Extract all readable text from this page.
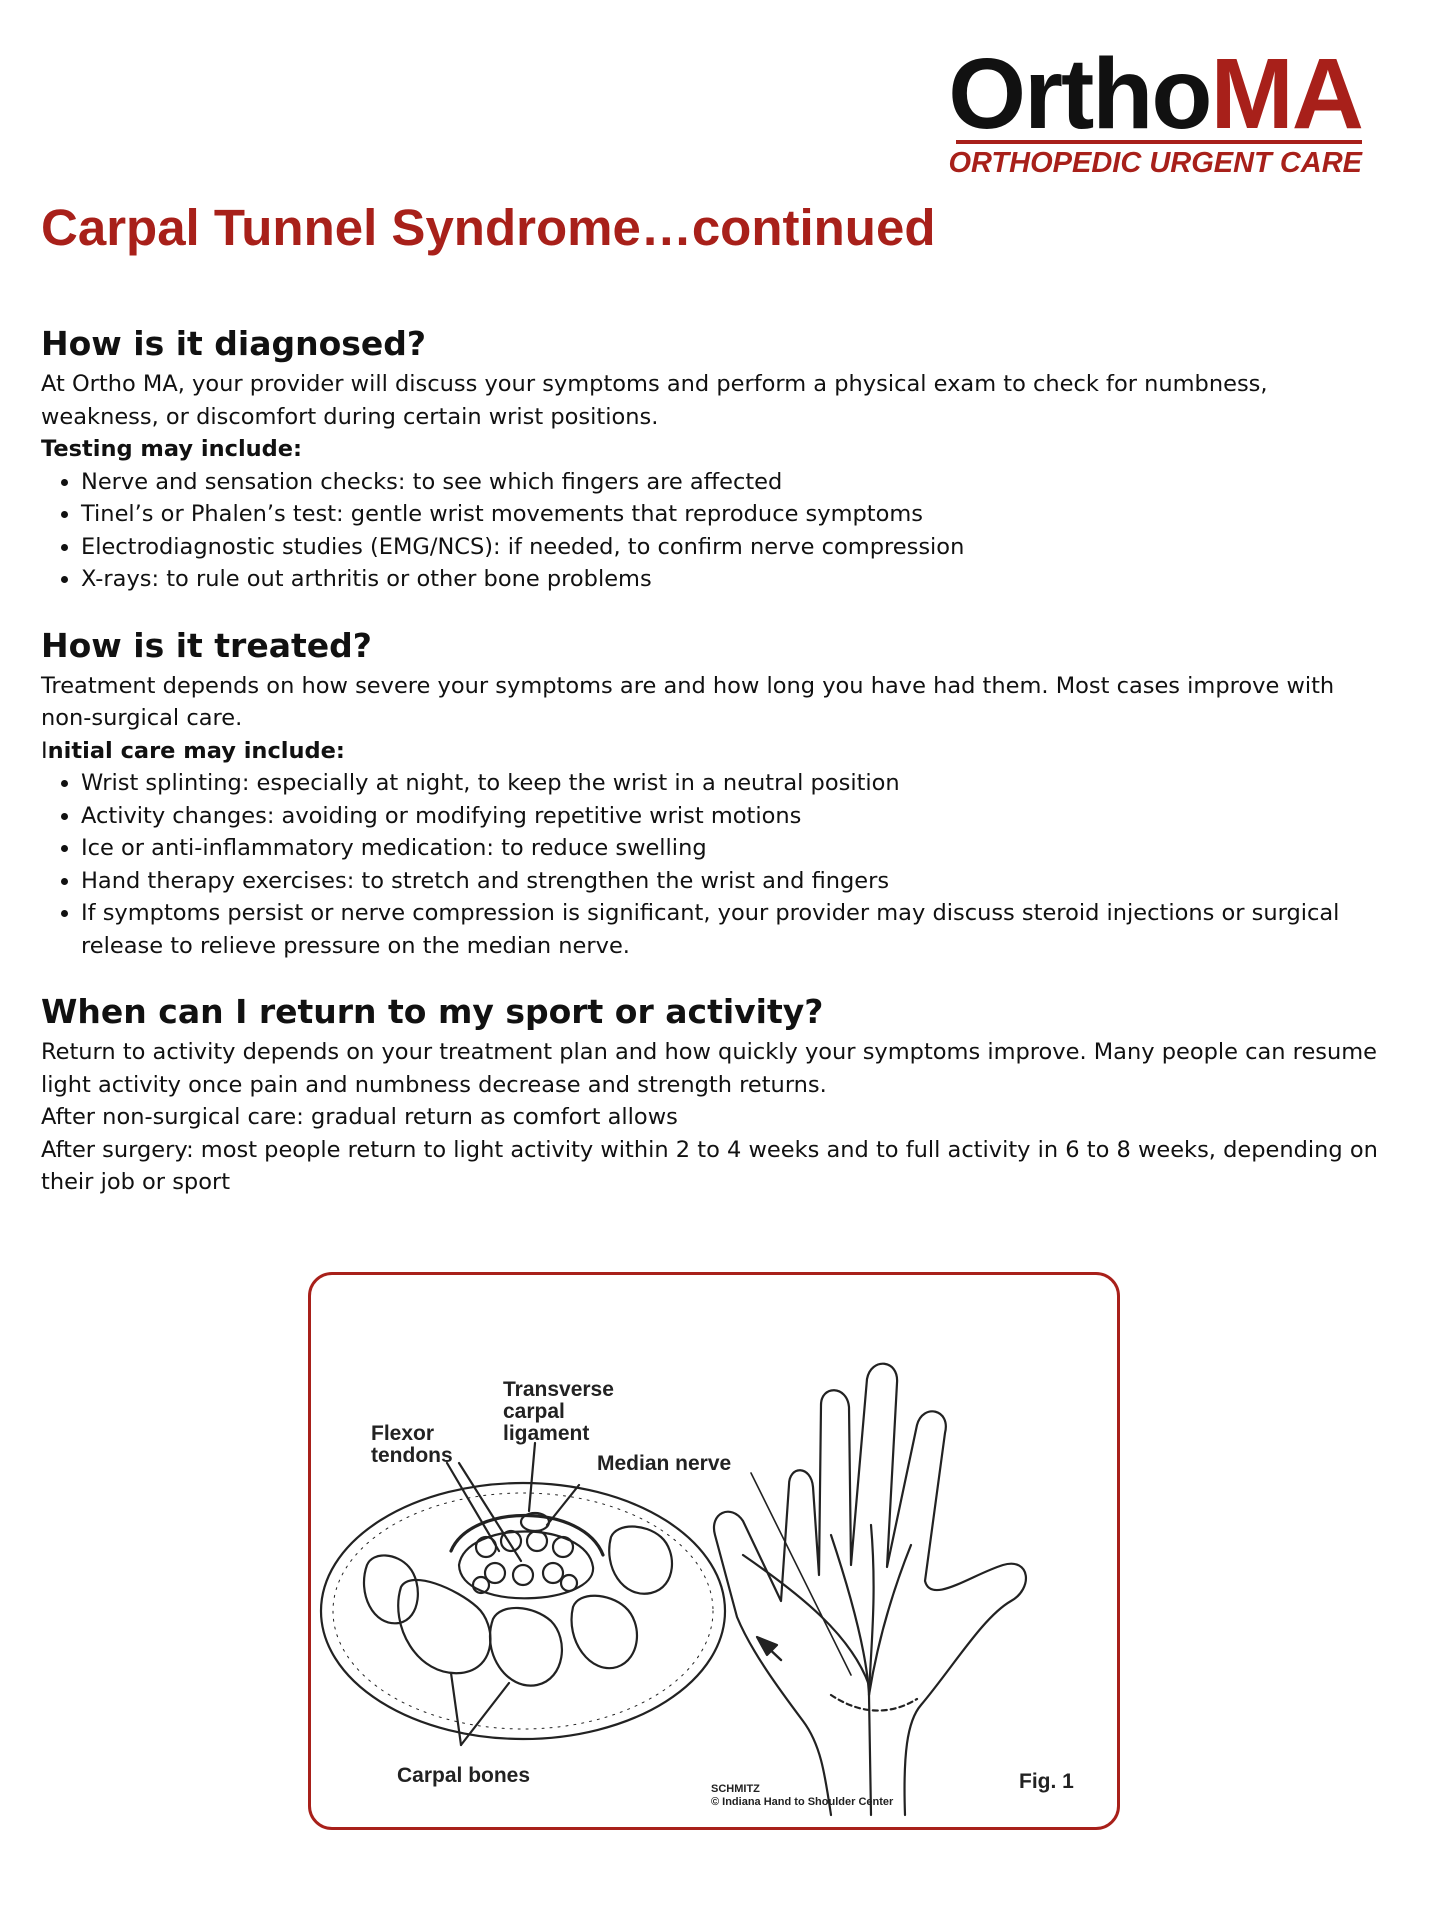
OrthoMA
ORTHOPEDIC URGENT CARE
Carpal Tunnel Syndrome…continued
How is it diagnosed?

At Ortho MA, your provider will discuss your symptoms and perform a physical exam to check for numbness, weakness, or discomfort during certain wrist positions.

Testing may include:

• Nerve and sensation checks: to see which fingers are affected
• Tinel’s or Phalen’s test: gentle wrist movements that reproduce symptoms
• Electrodiagnostic studies (EMG/NCS): if needed, to confirm nerve compression
• X-rays: to rule out arthritis or other bone problems
How is it treated?

Treatment depends on how severe your symptoms are and how long you have had them. Most cases improve with non-surgical care.

Initial care may include:

• Wrist splinting: especially at night, to keep the wrist in a neutral position
• Activity changes: avoiding or modifying repetitive wrist motions
• Ice or anti-inflammatory medication: to reduce swelling
• Hand therapy exercises: to stretch and strengthen the wrist and fingers
• If symptoms persist or nerve compression is significant, your provider may discuss steroid injections or surgical release to relieve pressure on the median nerve.
When can I return to my sport or activity?

Return to activity depends on your treatment plan and how quickly your symptoms improve. Many people can resume light activity once pain and numbness decrease and strength returns.

After non-surgical care: gradual return as comfort allows

After surgery: most people return to light activity within 2 to 4 weeks and to full activity in 6 to 8 weeks, depending on their job or sport

Transverse
carpal
ligament
Flexor
tendons	Median nerve
Carpal bones	Fig. 1
SCHMITZ
© Indiana Hand to Shoulder Center
